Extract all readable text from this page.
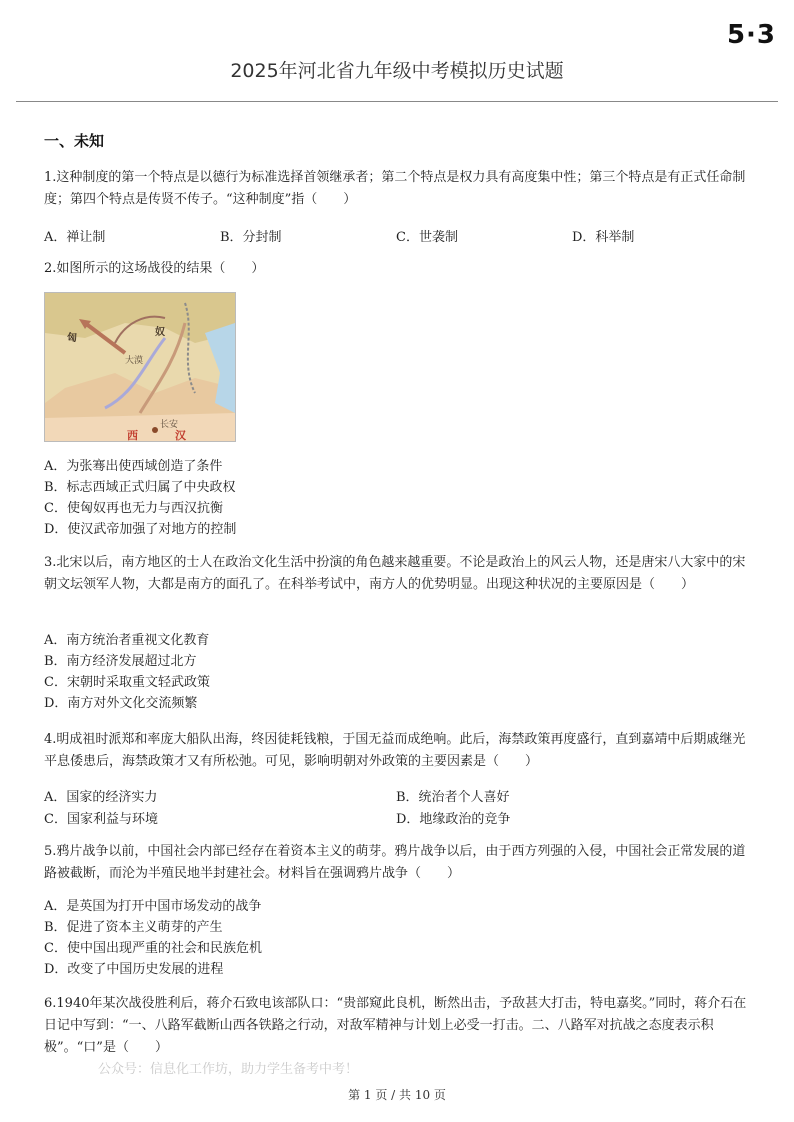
5·3
2025年河北省九年级中考模拟历史试题
一、未知
1.这种制度的第一个特点是以德行为标准选择首领继承者；第二个特点是权力具有高度集中性；第三个特点是有正式任命制度；第四个特点是传贤不传子。“这种制度”指（　　）
A．禅让制	B．分封制	C．世袭制	D．科举制
2.如图所示的这场战役的结果（　　）
匈
奴
大漠
长安
西	汉
A．为张骞出使西域创造了条件
B．标志西域正式归属了中央政权
C．使匈奴再也无力与西汉抗衡
D．使汉武帝加强了对地方的控制
3.北宋以后，南方地区的士人在政治文化生活中扮演的角色越来越重要。不论是政治上的风云人物，还是唐宋八大家中的宋朝文坛领军人物，大都是南方的面孔了。在科举考试中，南方人的优势明显。出现这种状况的主要原因是（　　）
A．南方统治者重视文化教育
B．南方经济发展超过北方
C．宋朝时采取重文轻武政策
D．南方对外文化交流频繁
4.明成祖时派郑和率庞大船队出海，终因徒耗钱粮，于国无益而成绝响。此后，海禁政策再度盛行，直到嘉靖中后期戚继光平息倭患后，海禁政策才又有所松弛。可见，影响明朝对外政策的主要因素是（　　）
A．国家的经济实力	B．统治者个人喜好
C．国家利益与环境	D．地缘政治的竞争
5.鸦片战争以前，中国社会内部已经存在着资本主义的萌芽。鸦片战争以后，由于西方列强的入侵，中国社会正常发展的道路被截断，而沦为半殖民地半封建社会。材料旨在强调鸦片战争（　　）
A．是英国为打开中国市场发动的战争
B．促进了资本主义萌芽的产生
C．使中国出现严重的社会和民族危机
D．改变了中国历史发展的进程
6.1940年某次战役胜利后，蒋介石致电该部队口：“贵部窥此良机，断然出击，予敌甚大打击，特电嘉奖。”同时，蒋介石在日记中写到：“一、八路军截断山西各铁路之行动，对敌军精神与计划上必受一打击。二、八路军对抗战之态度表示积极”。“口”是（　　）
公众号：信息化工作坊，助力学生备考中考！
第 1 页 / 共 10 页
